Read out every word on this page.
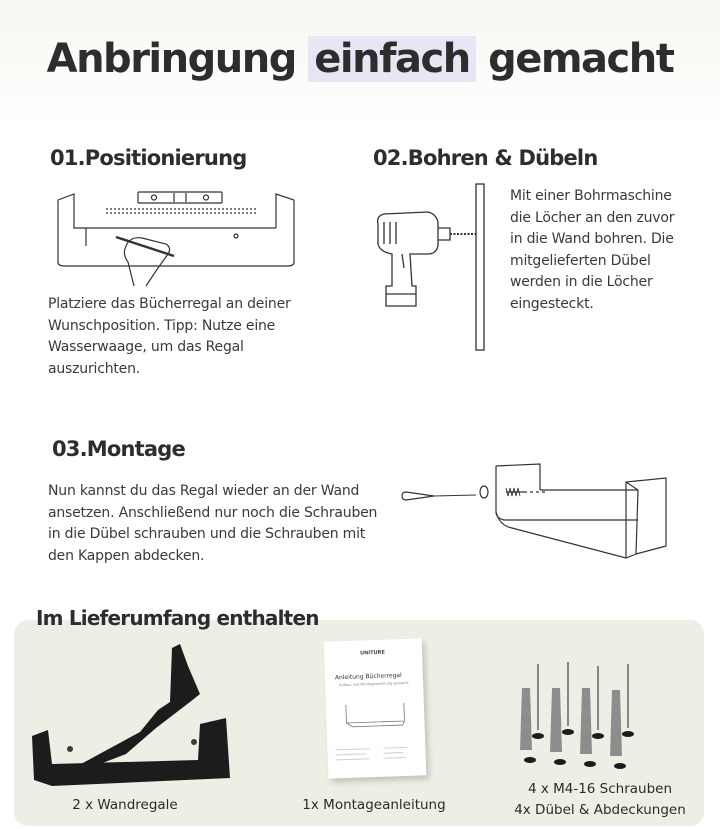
Anbringung einfach gemacht
01.Positionierung
Platziere das Bücherregal an deiner
Wunschposition. Tipp: Nutze eine
Wasserwaage, um das Regal
auszurichten.
02.Bohren & Dübeln
Mit einer Bohrmaschine
die Löcher an den zuvor
in die Wand bohren. Die
mitgelieferten Dübel
werden in die Löcher
eingesteckt.
03.Montage
Nun kannst du das Regal wieder an der Wand
ansetzen. Anschließend nur noch die Schrauben
in die Dübel schrauben und die Schrauben mit
den Kappen abdecken.
Im Lieferumfang enthalten
UNITURE
Anleitung Bücherregal
Aufbau und Montageanleitung gemacht
2 x Wandregale	1x Montageanleitung
4 x M4-16 Schrauben
4x Dübel & Abdeckungen
